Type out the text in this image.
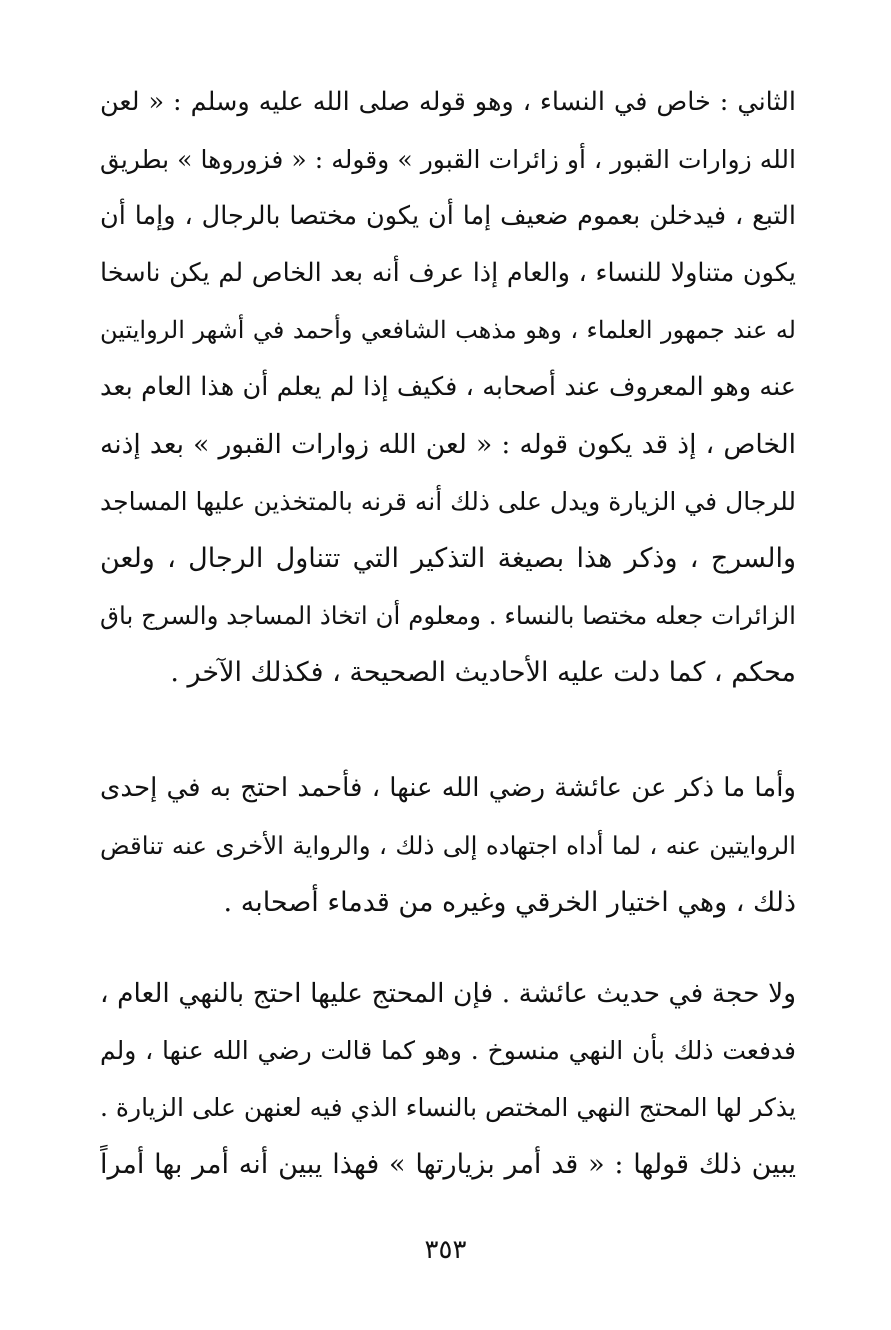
الثاني : خاص في النساء ، وهو قوله صلى الله عليه وسلم : « لعن
الله زوارات القبور ، أو زائرات القبور » وقوله : « فزوروها » بطريق
التبع ، فيدخلن بعموم ضعيف إما أن يكون مختصا بالرجال ، وإما أن
يكون متناولا للنساء ، والعام إذا عرف أنه بعد الخاص لم يكن ناسخا
له عند جمهور العلماء ، وهو مذهب الشافعي وأحمد في أشهر الروايتين
عنه وهو المعروف عند أصحابه ، فكيف إذا لم يعلم أن هذا العام بعد
الخاص ، إذ قد يكون قوله : « لعن الله زوارات القبور » بعد إذنه
للرجال في الزيارة ويدل على ذلك أنه قرنه بالمتخذين عليها المساجد
والسرج ، وذكر هذا بصيغة التذكير التي تتناول الرجال ، ولعن
الزائرات جعله مختصا بالنساء . ومعلوم أن اتخاذ المساجد والسرج باق
محكم ، كما دلت عليه الأحاديث الصحيحة ، فكذلك الآخر .
وأما ما ذكر عن عائشة رضي الله عنها ، فأحمد احتج به في إحدى
الروايتين عنه ، لما أداه اجتهاده إلى ذلك ، والرواية الأخرى عنه تناقض
ذلك ، وهي اختيار الخرقي وغيره من قدماء أصحابه .
ولا حجة في حديث عائشة . فإن المحتج عليها احتج بالنهي العام ،
فدفعت ذلك بأن النهي منسوخ . وهو كما قالت رضي الله عنها ، ولم
يذكر لها المحتج النهي المختص بالنساء الذي فيه لعنهن على الزيارة .
يبين ذلك قولها : « قد أمر بزيارتها » فهذا يبين أنه أمر بها أمراً
٣٥٣
